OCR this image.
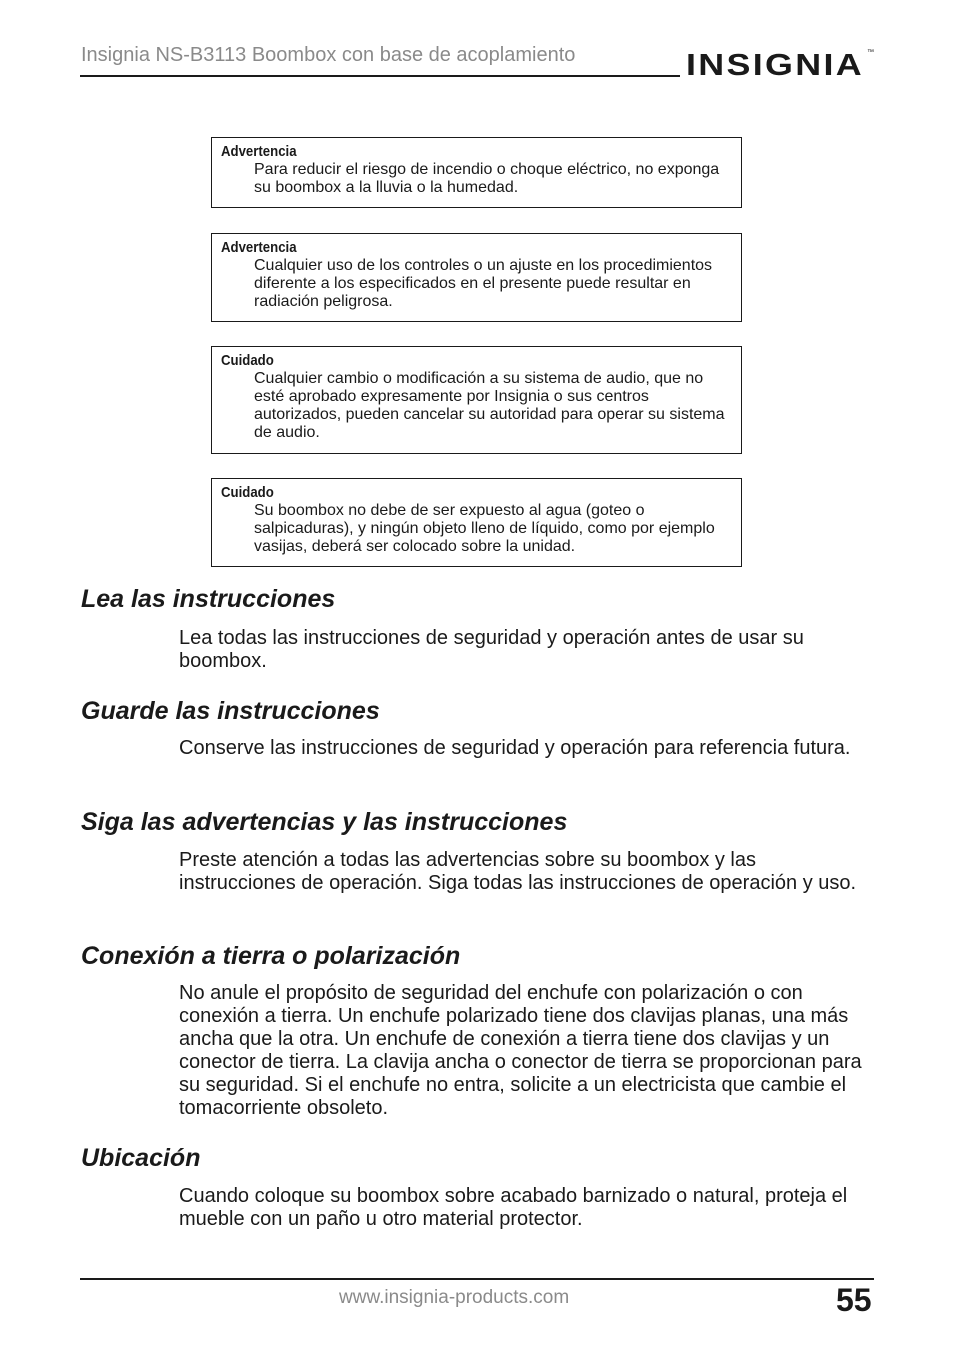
Insignia NS-B3113 Boombox con base de acoplamiento	INSIGNIA ™
Advertencia
Para reducir el riesgo de incendio o choque eléctrico, no exponga su boombox a la lluvia o la humedad.
Advertencia
Cualquier uso de los controles o un ajuste en los procedimientos diferente a los especificados en el presente puede resultar en radiación peligrosa.
Cuidado
Cualquier cambio o modificación a su sistema de audio, que no esté aprobado expresamente por Insignia o sus centros autorizados, pueden cancelar su autoridad para operar su sistema de audio.
Cuidado
Su boombox no debe de ser expuesto al agua (goteo o salpicaduras), y ningún objeto lleno de líquido, como por ejemplo vasijas, deberá ser colocado sobre la unidad.
Lea las instrucciones
Lea todas las instrucciones de seguridad y operación antes de usar su boombox.
Guarde las instrucciones
Conserve las instrucciones de seguridad y operación para referencia futura.
Siga las advertencias y las instrucciones
Preste atención a todas las advertencias sobre su boombox y las instrucciones de operación. Siga todas las instrucciones de operación y uso.
Conexión a tierra o polarización
No anule el propósito de seguridad del enchufe con polarización o con conexión a tierra. Un enchufe polarizado tiene dos clavijas planas, una más ancha que la otra. Un enchufe de conexión a tierra tiene dos clavijas y un conector de tierra. La clavija ancha o conector de tierra se proporcionan para su seguridad. Si el enchufe no entra, solicite a un electricista que cambie el tomacorriente obsoleto.
Ubicación
Cuando coloque su boombox sobre acabado barnizado o natural, proteja el mueble con un paño u otro material protector.
www.insignia-products.com	55
